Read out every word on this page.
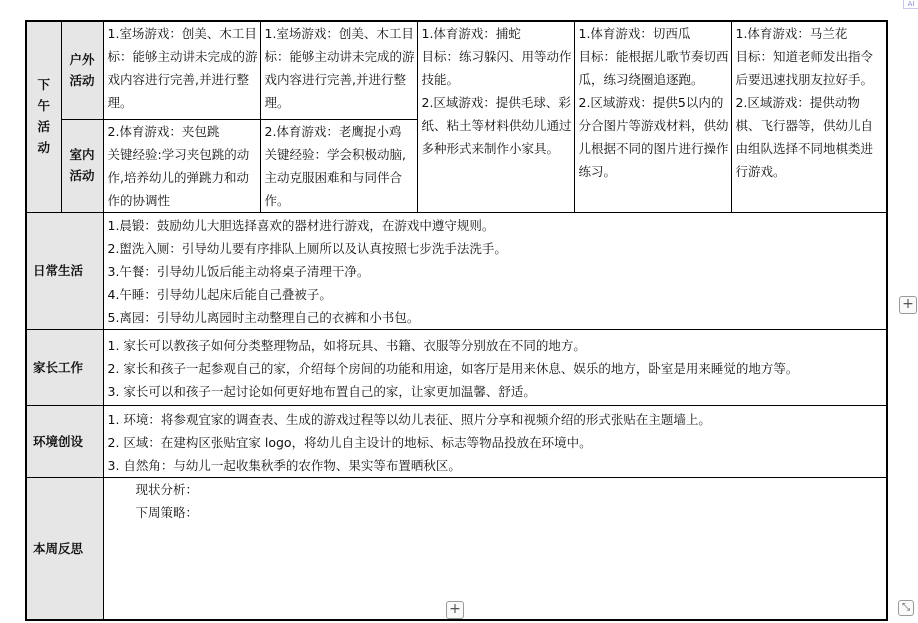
AI
下午活动	户外活动	1.室场游戏：创美、木工目标：能够主动讲未完成的游戏内容进行完善,并进行整理。	1.室场游戏：创美、木工目标：能够主动讲未完成的游戏内容进行完善,并进行整理。	1.体育游戏：捕蛇
目标：练习躲闪、用等动作技能。
2.区域游戏：提供毛球、彩纸、粘土等材料供幼儿通过多种形式来制作小家具。	1.体育游戏：切西瓜
目标：能根据儿歌节奏切西瓜，练习绕圈追逐跑。
2.区域游戏：提供5以内的分合图片等游戏材料，供幼儿根据不同的图片进行操作练习。	1.体育游戏：马兰花
目标：知道老师发出指令后要迅速找朋友拉好手。
2.区域游戏：提供动物棋、飞行器等，供幼儿自由组队选择不同地棋类进行游戏。
	室内活动	2.体育游戏：夹包跳
关键经验:学习夹包跳的动作,培养幼儿的弹跳力和动作的协调性	2.体育游戏：老鹰捉小鸡
关键经验：学会积极动脑,主动克服困难和与同伴合作。			
日常生活		1.晨锻：鼓励幼儿大胆选择喜欢的器材进行游戏，在游戏中遵守规则。
2.盥洗入厕：引导幼儿要有序排队上厕所以及认真按照七步洗手法洗手。
3.午餐：引导幼儿饭后能主动将桌子清理干净。
4.午睡：引导幼儿起床后能自己叠被子。
5.离园：引导幼儿离园时主动整理自己的衣裤和小书包。				

家长工作		1. 家长可以教孩子如何分类整理物品，如将玩具、书籍、衣服等分别放在不同的地方。
2. 家长和孩子一起参观自己的家，介绍每个房间的功能和用途，如客厅是用来休息、娱乐的地方，卧室是用来睡觉的地方等。
3. 家长可以和孩子一起讨论如何更好地布置自己的家，让家更加温馨、舒适。				

环境创设		1. 环境：将参观宜家的调查表、生成的游戏过程等以幼儿表征、照片分享和视频介绍的形式张贴在主题墙上。
2. 区域：在建构区张贴宜家 logo，将幼儿自主设计的地标、标志等物品投放在环境中。
3. 自然角：与幼儿一起收集秋季的农作物、果实等布置晒秋区。				

本周反思		现状分析：
下周策略：				
+
+	⤡
